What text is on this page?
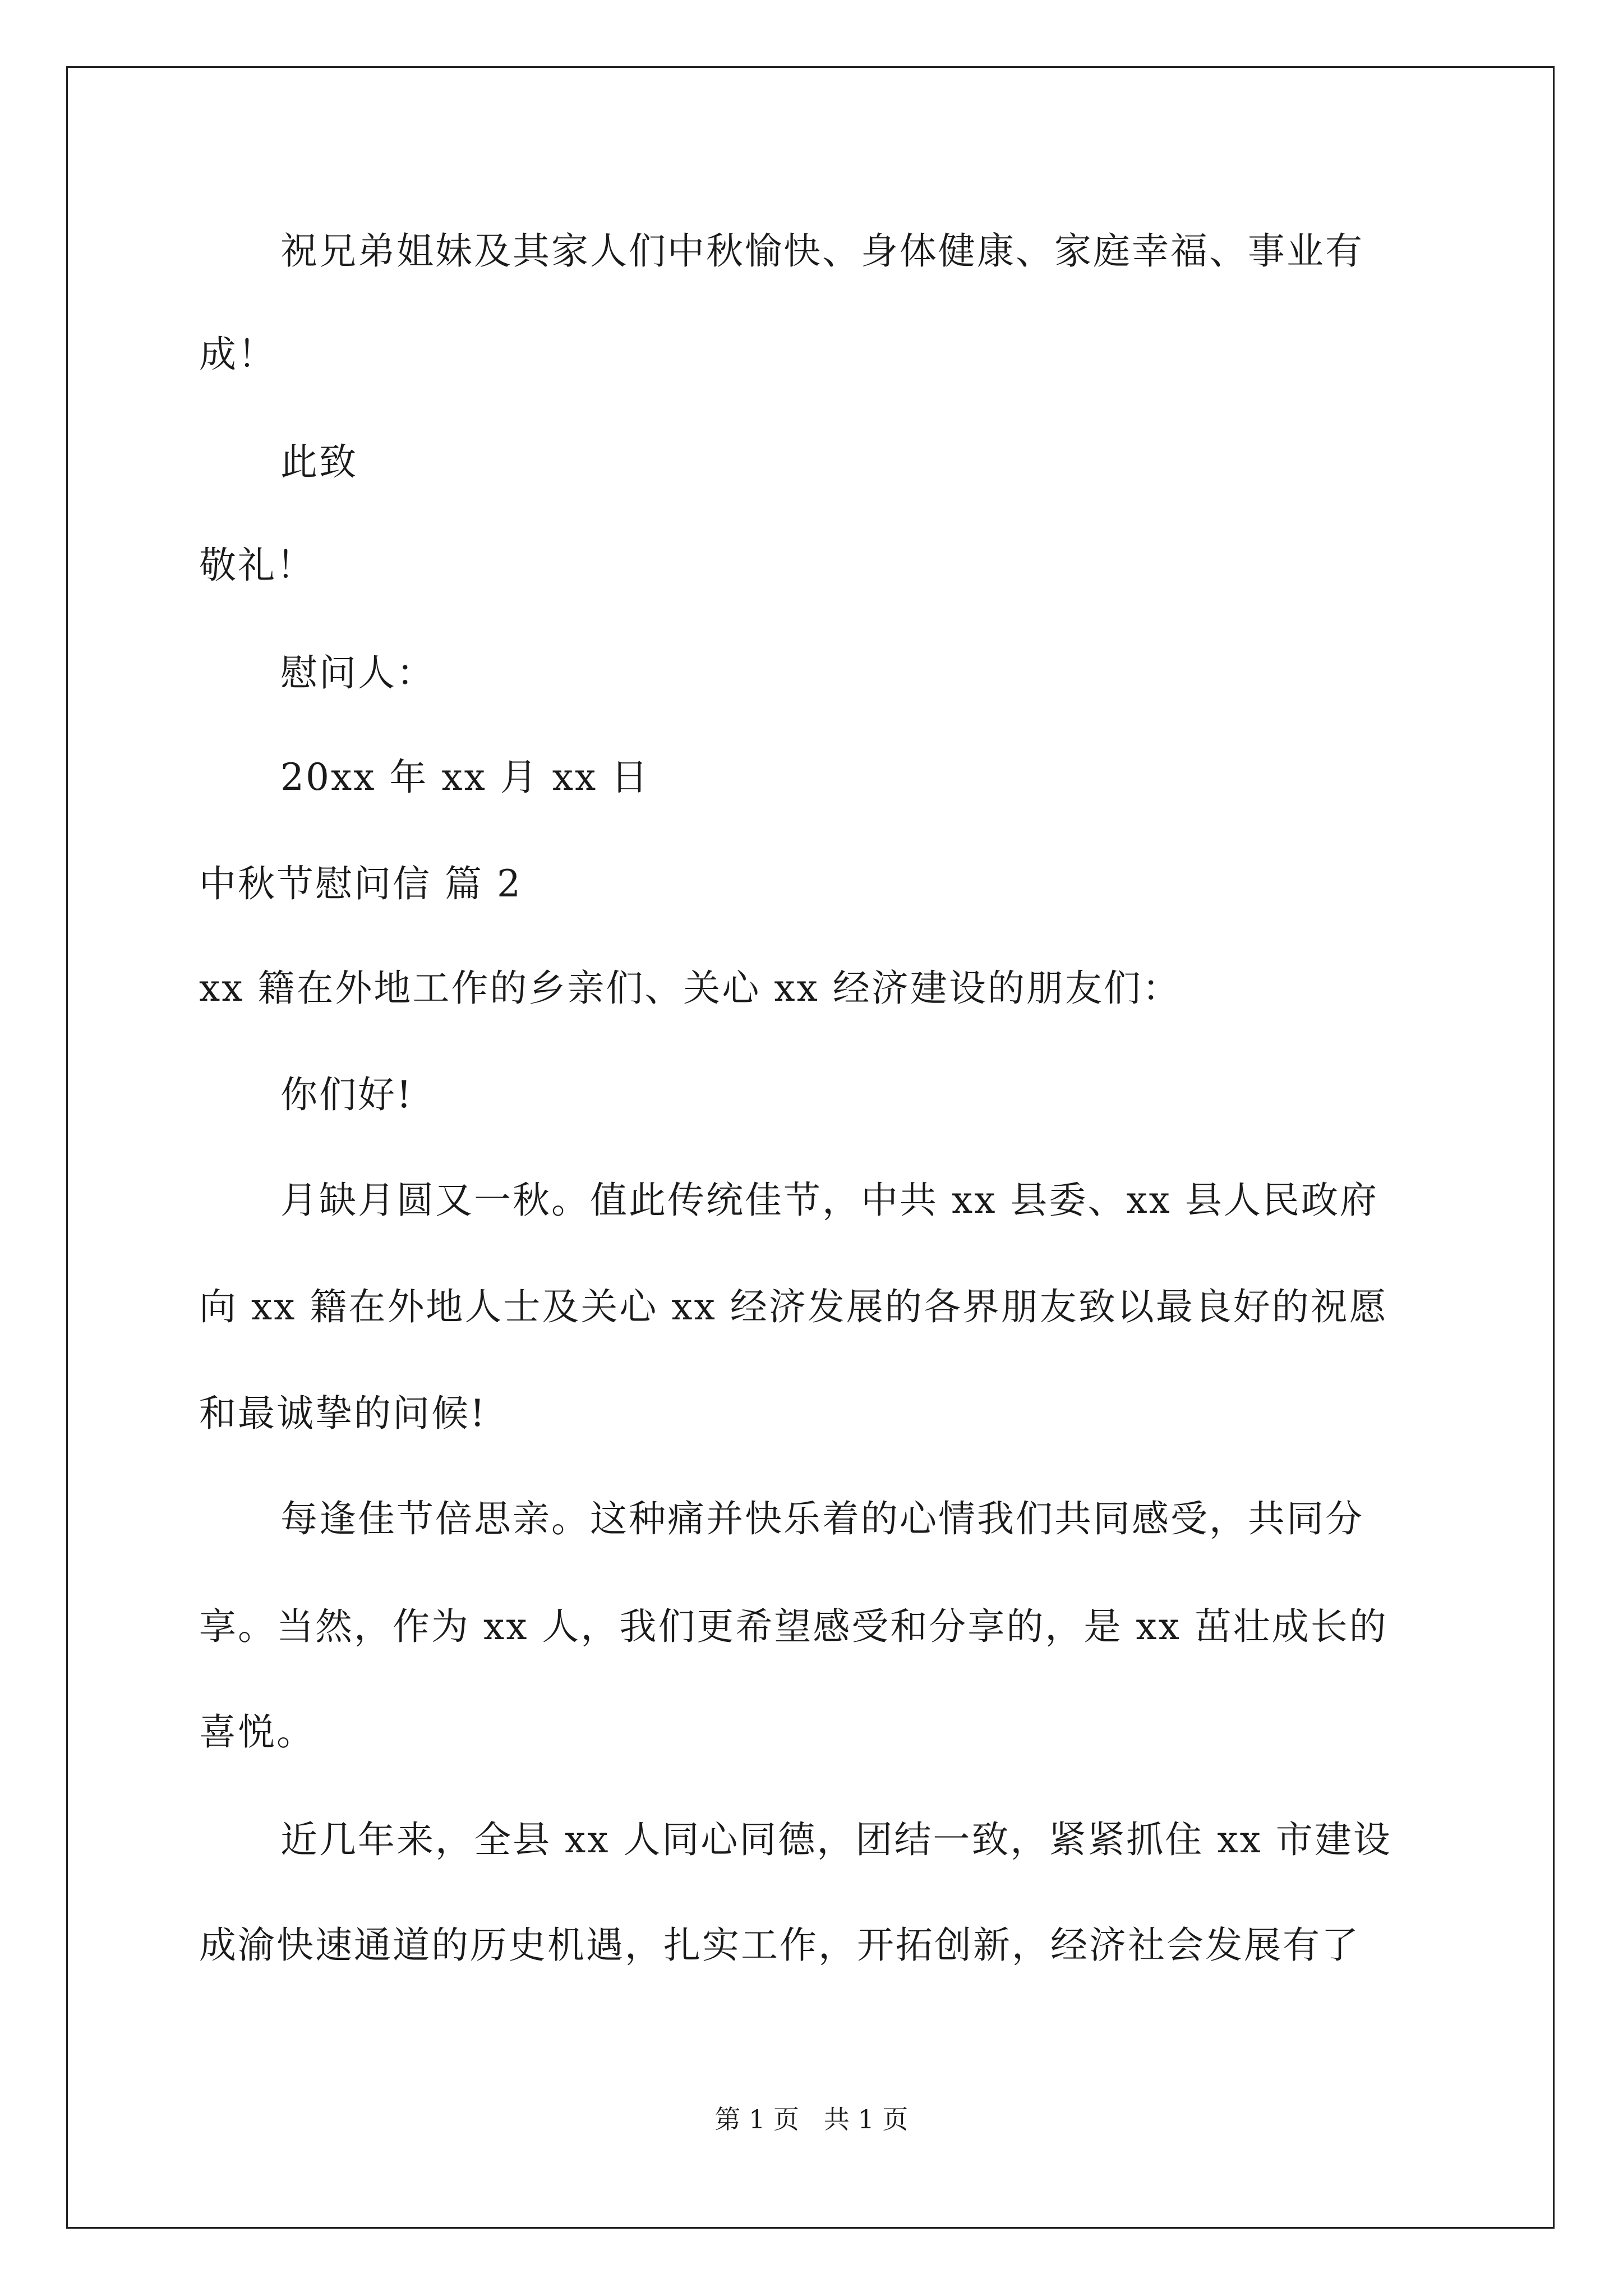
祝兄弟姐妹及其家人们中秋愉快、身体健康、家庭幸福、事业有
成！
此致
敬礼！
慰问人：
20xx 年 xx 月 xx 日
中秋节慰问信 篇 2
xx 籍在外地工作的乡亲们、关心 xx 经济建设的朋友们：
你们好!
月缺月圆又一秋。值此传统佳节，中共 xx 县委、xx 县人民政府
向 xx 籍在外地人士及关心 xx 经济发展的各界朋友致以最良好的祝愿
和最诚挚的问候!
每逢佳节倍思亲。这种痛并快乐着的心情我们共同感受，共同分
享。当然，作为 xx 人，我们更希望感受和分享的，是 xx 茁壮成长的
喜悦。
近几年来，全县 xx 人同心同德，团结一致，紧紧抓住 xx 市建设
成渝快速通道的历史机遇，扎实工作，开拓创新，经济社会发展有了
第 1 页   共 1 页
